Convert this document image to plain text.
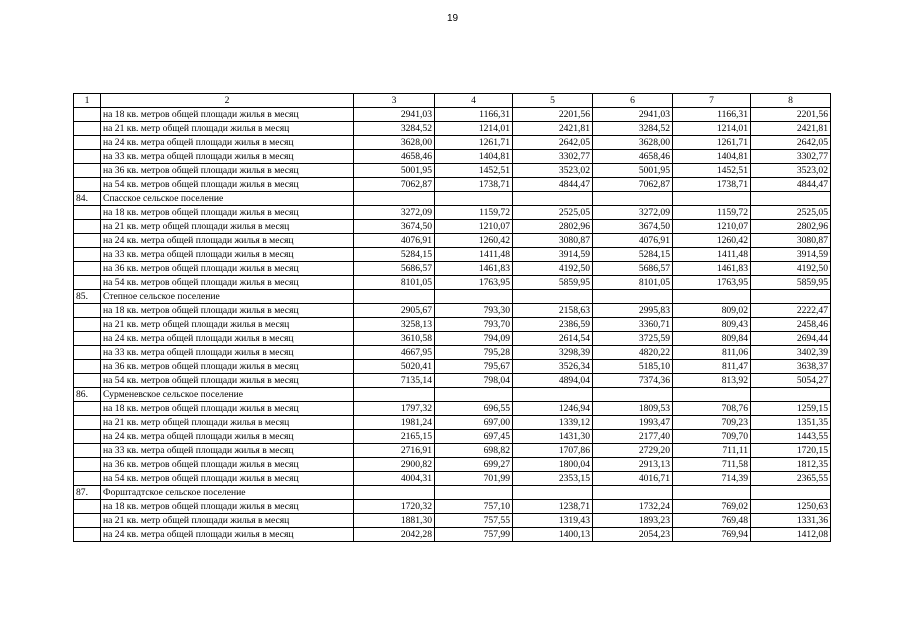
19
1	2	3	4	5	6	7	8
	на 18 кв. метров общей площади жилья в месяц	2941,03	1166,31	2201,56	2941,03	1166,31	2201,56
	на 21 кв. метр общей площади жилья в месяц	3284,52	1214,01	2421,81	3284,52	1214,01	2421,81
	на 24 кв. метра общей площади жилья в месяц	3628,00	1261,71	2642,05	3628,00	1261,71	2642,05
	на 33 кв. метра общей площади жилья в месяц	4658,46	1404,81	3302,77	4658,46	1404,81	3302,77
	на 36 кв. метров общей площади жилья в месяц	5001,95	1452,51	3523,02	5001,95	1452,51	3523,02
	на 54 кв. метров общей площади жилья в месяц	7062,87	1738,71	4844,47	7062,87	1738,71	4844,47
84.	Спасское сельское поселение						
	на 18 кв. метров общей площади жилья в месяц	3272,09	1159,72	2525,05	3272,09	1159,72	2525,05
	на 21 кв. метр общей площади жилья в месяц	3674,50	1210,07	2802,96	3674,50	1210,07	2802,96
	на 24 кв. метра общей площади жилья в месяц	4076,91	1260,42	3080,87	4076,91	1260,42	3080,87
	на 33 кв. метра общей площади жилья в месяц	5284,15	1411,48	3914,59	5284,15	1411,48	3914,59
	на 36 кв. метров общей площади жилья в месяц	5686,57	1461,83	4192,50	5686,57	1461,83	4192,50
	на 54 кв. метров общей площади жилья в месяц	8101,05	1763,95	5859,95	8101,05	1763,95	5859,95
85.	Степное сельское поселение						
	на 18 кв. метров общей площади жилья в месяц	2905,67	793,30	2158,63	2995,83	809,02	2222,47
	на 21 кв. метр общей площади жилья в месяц	3258,13	793,70	2386,59	3360,71	809,43	2458,46
	на 24 кв. метра общей площади жилья в месяц	3610,58	794,09	2614,54	3725,59	809,84	2694,44
	на 33 кв. метра общей площади жилья в месяц	4667,95	795,28	3298,39	4820,22	811,06	3402,39
	на 36 кв. метров общей площади жилья в месяц	5020,41	795,67	3526,34	5185,10	811,47	3638,37
	на 54 кв. метров общей площади жилья в месяц	7135,14	798,04	4894,04	7374,36	813,92	5054,27
86.	Сурменевское сельское поселение						
	на 18 кв. метров общей площади жилья в месяц	1797,32	696,55	1246,94	1809,53	708,76	1259,15
	на 21 кв. метр общей площади жилья в месяц	1981,24	697,00	1339,12	1993,47	709,23	1351,35
	на 24 кв. метра общей площади жилья в месяц	2165,15	697,45	1431,30	2177,40	709,70	1443,55
	на 33 кв. метра общей площади жилья в месяц	2716,91	698,82	1707,86	2729,20	711,11	1720,15
	на 36 кв. метров общей площади жилья в месяц	2900,82	699,27	1800,04	2913,13	711,58	1812,35
	на 54 кв. метров общей площади жилья в месяц	4004,31	701,99	2353,15	4016,71	714,39	2365,55
87.	Форштадтское сельское поселение						
	на 18 кв. метров общей площади жилья в месяц	1720,32	757,10	1238,71	1732,24	769,02	1250,63
	на 21 кв. метр общей площади жилья в месяц	1881,30	757,55	1319,43	1893,23	769,48	1331,36
	на 24 кв. метра общей площади жилья в месяц	2042,28	757,99	1400,13	2054,23	769,94	1412,08
